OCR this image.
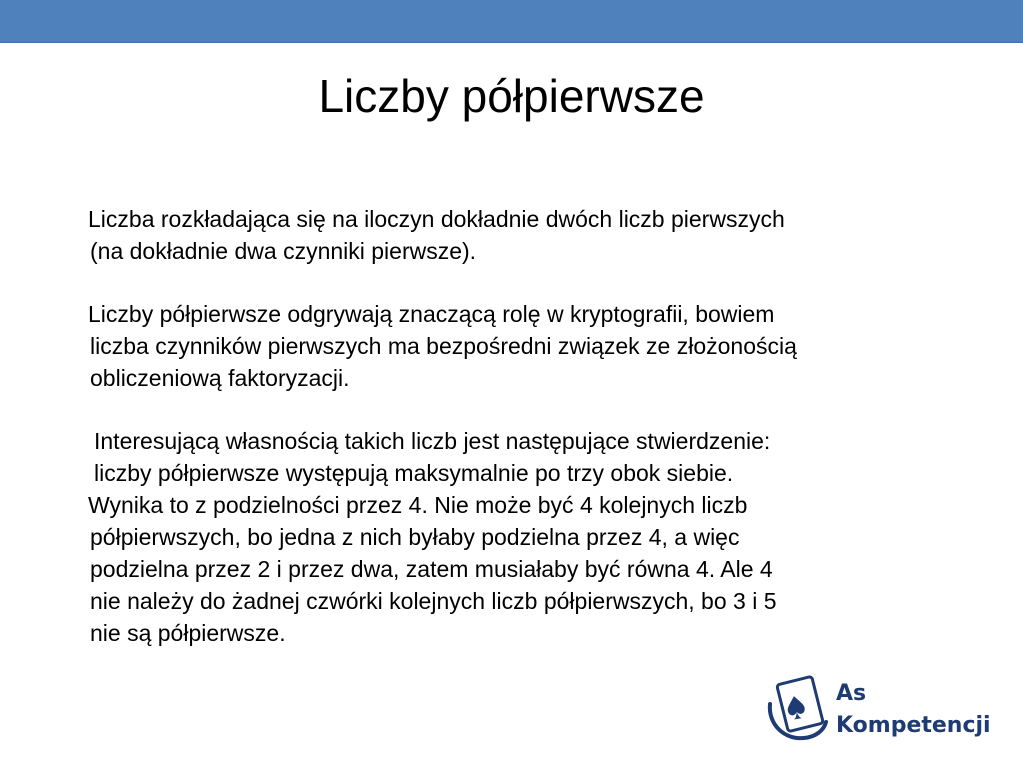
Liczby półpierwsze
Liczba rozkładająca się na iloczyn dokładnie dwóch liczb pierwszych
(na dokładnie dwa czynniki pierwsze).
Liczby półpierwsze odgrywają znaczącą rolę w kryptografii, bowiem
liczba czynników pierwszych ma bezpośredni związek ze złożonością
obliczeniową faktoryzacji.
Interesującą własnością takich liczb jest następujące stwierdzenie:
liczby półpierwsze występują maksymalnie po trzy obok siebie.
Wynika to z podzielności przez 4. Nie może być 4 kolejnych liczb
półpierwszych, bo jedna z nich byłaby podzielna przez 4, a więc
podzielna przez 2 i przez dwa, zatem musiałaby być równa 4. Ale 4
nie należy do żadnej czwórki kolejnych liczb półpierwszych, bo 3 i 5
nie są półpierwsze.
As
Kompetencji
